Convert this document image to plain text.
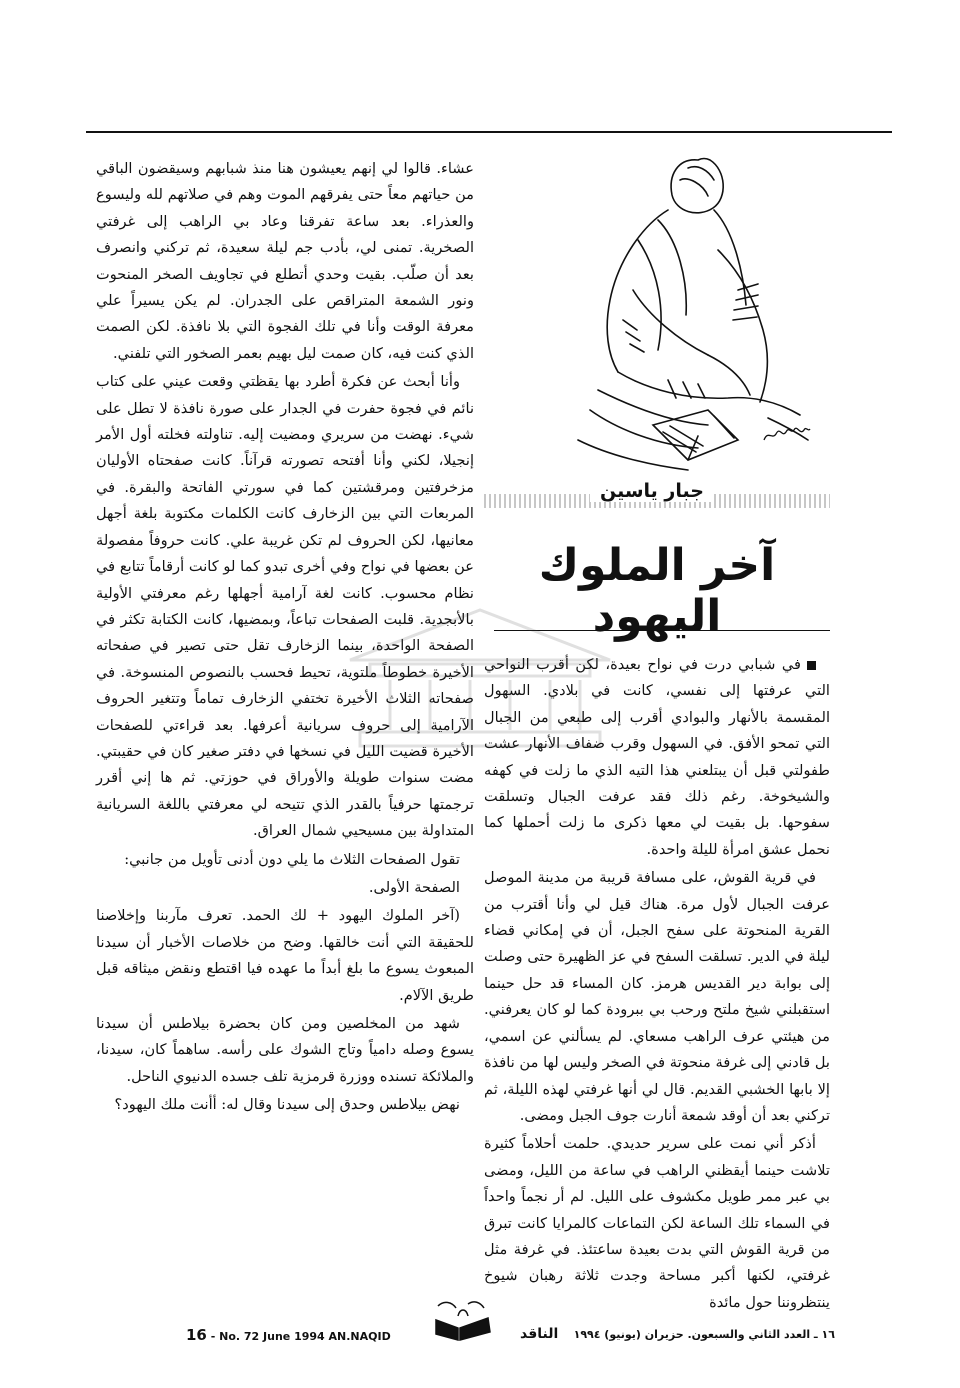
جبار ياسين
آخر الملوك اليهود

في شبابي درت في نواح بعيدة، لكن أقرب النواحي التي عرفتها إلى نفسي، كانت في بلادي. السهول المقسمة بالأنهار والبوادي أقرب إلى طبعي من الجبال التي تمحو الأفق. في السهول وقرب ضفاف الأنهار عشت طفولتي قبل أن يبتلعني هذا التيه الذي ما زلت في كهفه والشيخوخة. رغم ذلك فقد عرفت الجبال وتسلقت سفوحها. بل بقيت لي معها ذكرى ما زلت أحملها كما نحمل عشق امرأة لليلة واحدة.

في قرية القوش، على مسافة قريبة من مدينة الموصل عرفت الجبال لأول مرة. هناك قيل لي وأنا أقترب من القرية المنحوتة على سفح الجبل، أن في إمكاني قضاء ليلة في الدير. تسلقت السفح في عز الظهيرة حتى وصلت إلى بوابة دير القديس هرمز. كان المساء قد حل حينما استقبلني شيخ ملتح ورحب بي ببرودة كما لو كان يعرفني. من هيئتي عرف الراهب مسعاي. لم يسألني عن اسمي، بل قادني إلى غرفة منحوتة في الصخر وليس لها من نافذة إلا بابها الخشبي القديم. قال لي أنها غرفتي لهذه الليلة، ثم تركني بعد أن أوقد شمعة أنارت جوف الجبل ومضى.

أذكر أني نمت على سرير حديدي. حلمت أحلاماً كثيرة تلاشت حينما أيقظني الراهب في ساعة من الليل، ومضى بي عبر ممر طويل مكشوف على الليل. لم أر نجماً واحداً في السماء تلك الساعة لكن التماعات كالمرايا كانت تبرق من قرية القوش التي بدت بعيدة ساعتئذ. في غرفة مثل غرفتي، لكنها أكبر مساحة وجدت ثلاثة رهبان شيوخ ينتظروننا حول مائدة

عشاء. قالوا لي إنهم يعيشون هنا منذ شبابهم وسيقضون الباقي من حياتهم معاً حتى يفرقهم الموت وهم في صلاتهم لله وليسوع والعذراء. بعد ساعة تفرقنا وعاد بي الراهب إلى غرفتي الصخرية. تمنى لي، بأدب جم ليلة سعيدة، ثم تركني وانصرف بعد أن صلّب. بقيت وحدي أتطلع في تجاويف الصخر المنحوت ونور الشمعة المتراقص على الجدران. لم يكن يسيراً علي معرفة الوقت وأنا في تلك الفجوة التي بلا نافذة. لكن الصمت الذي كنت فيه، كان صمت ليل بهيم بعمر الصخور التي تلفني.

وأنا أبحث عن فكرة أطرد بها يقظتي وقعت عيني على كتاب نائم في فجوة حفرت في الجدار على صورة نافذة لا تطل على شيء. نهضت من سريري ومضيت إليه. تناولته فخلته أول الأمر إنجيلا، لكني وأنا أفتحه تصورته قرآناً. كانت صفحتاه الأوليان مزخرفتين ومرقشتين كما في سورتي الفاتحة والبقرة. في المربعات التي بين الزخارف كانت الكلمات مكتوبة بلغة أجهل معانيها، لكن الحروف لم تكن غريبة علي. كانت حروفاً مفصولة عن بعضها في نواح وفي أخرى تبدو كما لو كانت أرقاماً تتابع في نظام محسوب. كانت لغة آرامية أجهلها رغم معرفتي الأولية بالأبجدية. قلبت الصفحات تباعاً، وبمضيها، كانت الكتابة تكثر في الصفحة الواحدة، بينما الزخارف تقل حتى تصير في صفحاته الأخيرة خطوطاً ملتوية، تحيط فحسب بالنصوص المنسوخة. في صفحاته الثلاث الأخيرة تختفي الزخارف تماماً وتتغير الحروف الآرامية إلى حروف سريانية أعرفها. بعد قراءتي للصفحات الأخيرة قضيت الليل في نسخها في دفتر صغير كان في حقيبتي. مضت سنوات طويلة والأوراق في حوزتي. ثم ها إني أقرر ترجمتها حرفياً بالقدر الذي تتيحه لي معرفتي باللغة السريانية المتداولة بين مسيحيي شمال العراق.

تقول الصفحات الثلاث ما يلي دون أدنى تأويل من جانبي:

الصفحة الأولى.

(آخر الملوك اليهود + لك الحمد. تعرف مآربنا وإخلاصنا للحقيقة التي أنت خالقها. وضح من خلاصات الأخبار أن سيدنا المبعوث يسوع ما بلغ أبداً ما عهده فيا اقتطع ونقض ميثاقه قبل طريق الآلام.

شهد من المخلصين ومن كان بحضرة بيلاطس أن سيدنا يسوع وصله دامياً وتاج الشوك على رأسه. ساهماً كان، سيدنا، والملائكة تسنده ووزرة قرمزية تلف جسده الدنيوي الناحل.

نهض بيلاطس وحدق إلى سيدنا وقال له: أأنت ملك اليهود؟

16 - No. 72 June 1994 AN.NAQID	١٦ ـ العدد الثاني والسبعون. حزيران (يونيو) ١٩٩٤    الناقد
